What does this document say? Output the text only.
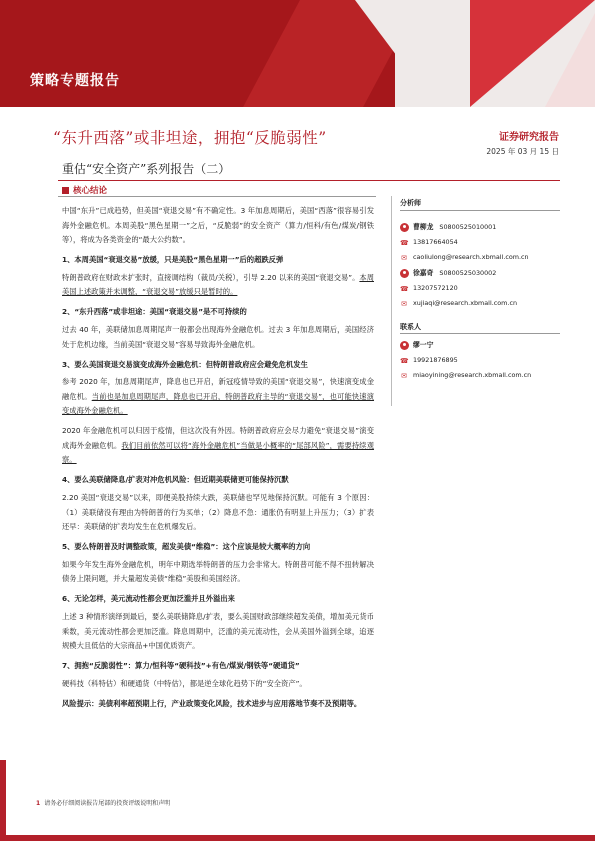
策略专题报告
“东升西落”或非坦途，拥抱“反脆弱性”
重估“安全资产”系列报告（二）
证券研究报告
2025 年 03 月 15 日
核心结论
中国“东升”已成趋势，但美国“衰退交易”有不确定性。3 年加息周期后，美国“西落”很容易引发海外金融危机。本周美股“黑色星期一”之后，“反脆弱”的安全资产（算力/恒科/有色/煤炭/钢铁等），将成为各类资金的“最大公约数”。
1、本周美国“衰退交易”放缓，只是美股“黑色星期一”后的超跌反弹
特朗普政府在财政未扩张时，直接调结构（裁员/关税），引导 2.20 以来的美国“衰退交易”。本周美国上述政策并未调整，“衰退交易”放缓只是暂时的。
2、“东升西落”或非坦途：美国“衰退交易”是不可持续的
过去 40 年，美联储加息周期尾声一般都会出现海外金融危机。过去 3 年加息周期后，美国经济处于危机边缘，当前美国“衰退交易”容易导致海外金融危机。
3、要么美国衰退交易演变成海外金融危机：但特朗普政府应会避免危机发生
参考 2020 年，加息周期尾声，降息也已开启，新冠疫情导致的美国“衰退交易”，快速演变成金融危机。当前也是加息周期尾声，降息也已开启，特朗普政府主导的“衰退交易”，也可能快速演变成海外金融危机。
2020 年金融危机可以归因于疫情，但这次没有外因。特朗普政府应会尽力避免“衰退交易”演变成海外金融危机。我们目前依然可以将“海外金融危机”当做是小概率的“尾部风险”，需要持续观察。
4、要么美联储降息/扩表对冲危机风险：但近期美联储更可能保持沉默
2.20 美国“衰退交易”以来，即便美股持续大跌，美联储也罕见地保持沉默。可能有 3 个原因：（1）美联储没有理由为特朗普的行为买单；（2）降息不急：通胀仍有明显上升压力；（3）扩表还早：美联储的扩表均发生在危机爆发后。
5、要么特朗普及时调整政策，超发美债“维稳”：这个应该是较大概率的方向
如果今年发生海外金融危机，明年中期选举特朗普的压力会非常大。特朗普可能不得不扭转解决债务上限问题，并大量超发美债“维稳”美股和美国经济。
6、无论怎样，美元流动性都会更加泛滥并且外溢出来
上述 3 种情形演绎到最后，要么美联储降息/扩表，要么美国财政部继续超发美债，增加美元货币乘数，美元流动性都会更加泛滥。降息周期中，泛滥的美元流动性，会从美国外溢到全球，追逐规模大且低估的大宗商品+中国优质资产。
7、拥抱“反脆弱性”：算力/恒科等“硬科技”+有色/煤炭/钢铁等“硬通货”
硬科技（科特估）和硬通货（中特估），都是逆全球化趋势下的“安全资产”。
风险提示：美债利率超预期上行，产业政策变化风险，技术进步与应用落地节奏不及预期等。
分析师
曹柳龙 S0800525010001
☎ 13817664054
✉ caoliulong@research.xbmall.com.cn
徐嘉奇 S0800525030002
☎ 13207572120
✉ xujiaqi@research.xbmall.com.cn
联系人
缪一宁
☎ 19921876895
✉ miaoyining@research.xbmall.com.cn
1 请务必仔细阅读报告尾部的投资评级说明和声明
